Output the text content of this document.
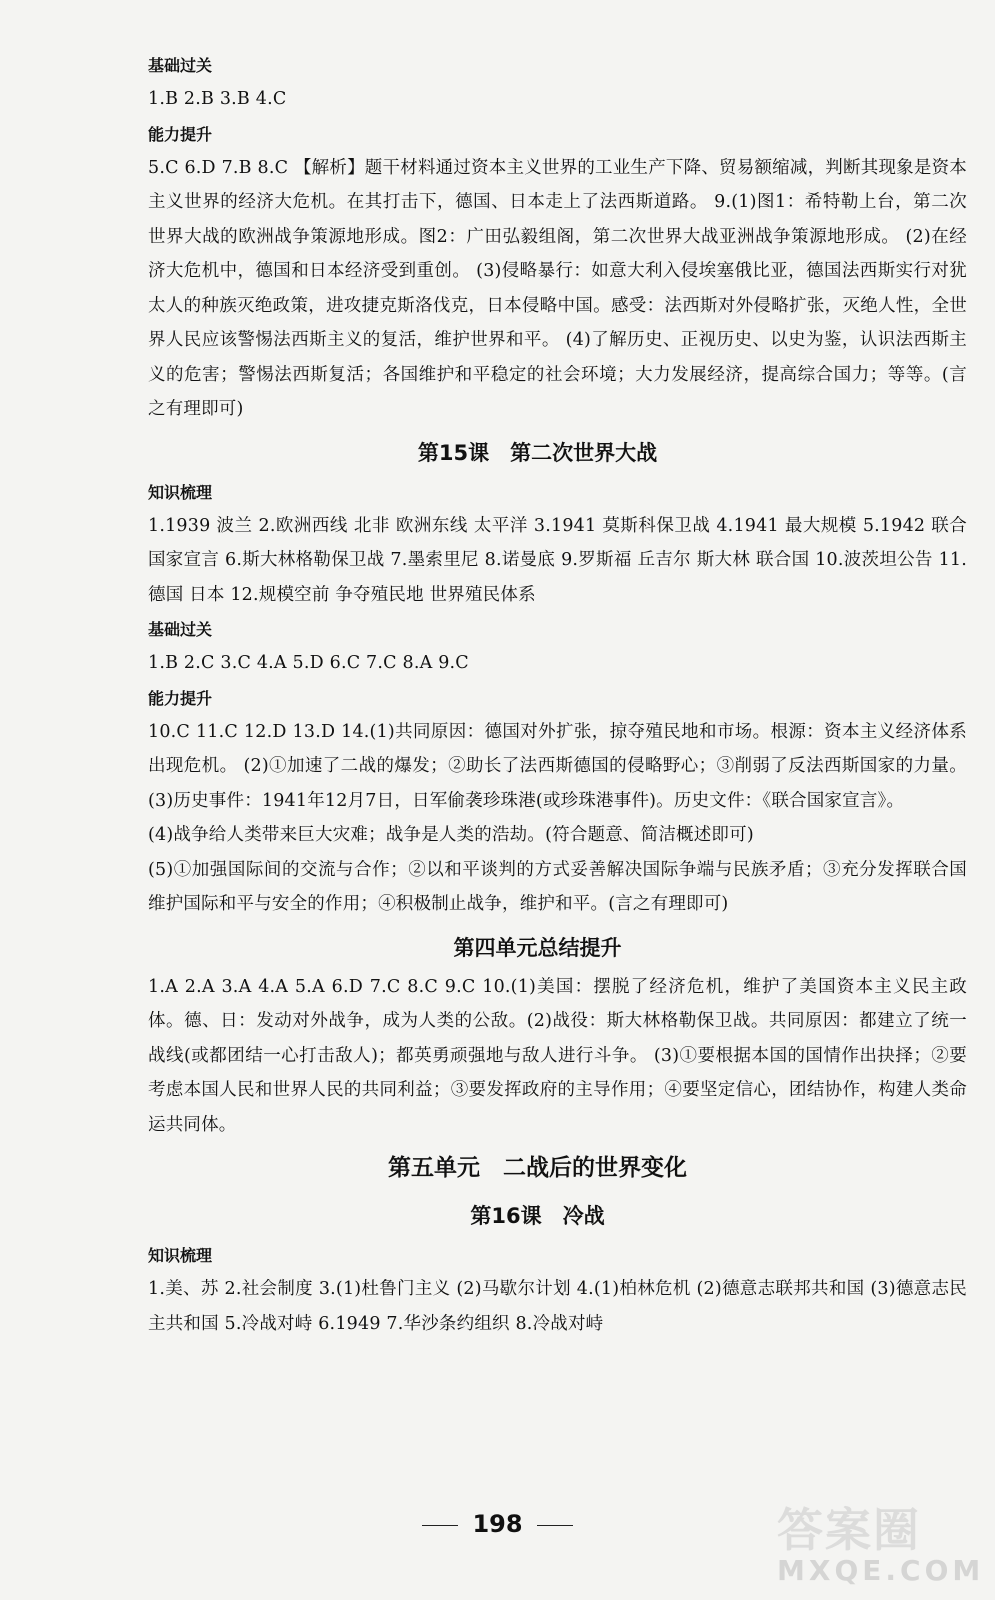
基础过关

1.B 2.B 3.B 4.C

能力提升

5.C 6.D 7.B 8.C 【解析】题干材料通过资本主义世界的工业生产下降、贸易额缩减，判断其现象是资本主义世界的经济大危机。在其打击下，德国、日本走上了法西斯道路。 9.(1)图1：希特勒上台，第二次世界大战的欧洲战争策源地形成。图2：广田弘毅组阁，第二次世界大战亚洲战争策源地形成。 (2)在经济大危机中，德国和日本经济受到重创。 (3)侵略暴行：如意大利入侵埃塞俄比亚，德国法西斯实行对犹太人的种族灭绝政策，进攻捷克斯洛伐克，日本侵略中国。感受：法西斯对外侵略扩张，灭绝人性，全世界人民应该警惕法西斯主义的复活，维护世界和平。 (4)了解历史、正视历史、以史为鉴，认识法西斯主义的危害；警惕法西斯复活；各国维护和平稳定的社会环境；大力发展经济，提高综合国力；等等。(言之有理即可)

第15课　第二次世界大战
知识梳理

1.1939 波兰 2.欧洲西线 北非 欧洲东线 太平洋 3.1941 莫斯科保卫战 4.1941 最大规模 5.1942 联合国家宣言 6.斯大林格勒保卫战 7.墨索里尼 8.诺曼底 9.罗斯福 丘吉尔 斯大林 联合国 10.波茨坦公告 11.德国 日本 12.规模空前 争夺殖民地 世界殖民体系

基础过关

1.B 2.C 3.C 4.A 5.D 6.C 7.C 8.A 9.C

能力提升

10.C 11.C 12.D 13.D 14.(1)共同原因：德国对外扩张，掠夺殖民地和市场。根源：资本主义经济体系出现危机。 (2)①加速了二战的爆发；②助长了法西斯德国的侵略野心；③削弱了反法西斯国家的力量。 (3)历史事件：1941年12月7日，日军偷袭珍珠港(或珍珠港事件)。历史文件：《联合国家宣言》。

(4)战争给人类带来巨大灾难；战争是人类的浩劫。(符合题意、简洁概述即可)

(5)①加强国际间的交流与合作；②以和平谈判的方式妥善解决国际争端与民族矛盾；③充分发挥联合国维护国际和平与安全的作用；④积极制止战争，维护和平。(言之有理即可)

第四单元总结提升

1.A 2.A 3.A 4.A 5.A 6.D 7.C 8.C 9.C 10.(1)美国：摆脱了经济危机，维护了美国资本主义民主政体。德、日：发动对外战争，成为人类的公敌。(2)战役：斯大林格勒保卫战。共同原因：都建立了统一战线(或都团结一心打击敌人)；都英勇顽强地与敌人进行斗争。 (3)①要根据本国的国情作出抉择；②要考虑本国人民和世界人民的共同利益；③要发挥政府的主导作用；④要坚定信心，团结协作，构建人类命运共同体。

第五单元　二战后的世界变化
第16课　冷战
知识梳理

1.美、苏 2.社会制度 3.(1)杜鲁门主义 (2)马歇尔计划 4.(1)柏林危机 (2)德意志联邦共和国 (3)德意志民主共和国 5.冷战对峙 6.1949 7.华沙条约组织 8.冷战对峙

198	答案圈
MXQE.COM
